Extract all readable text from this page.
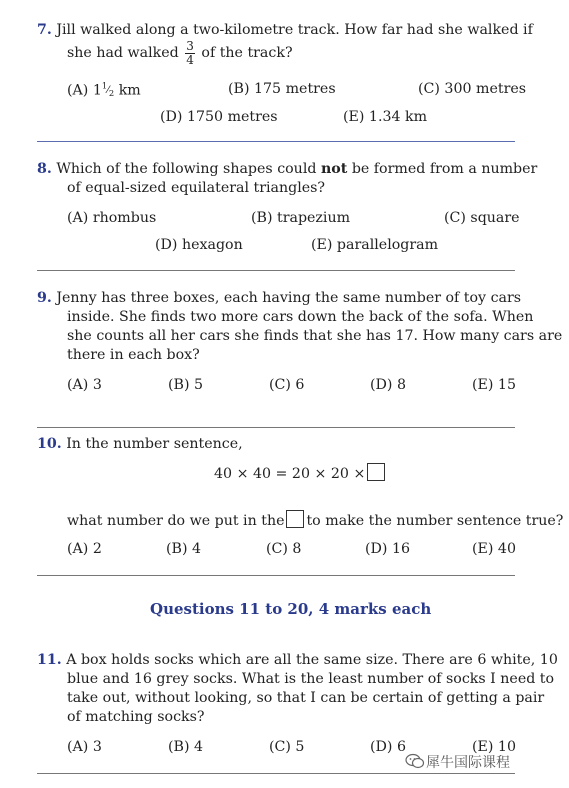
7. Jill walked along a two-kilometre track. How far had she walked if
she had walked $\frac{3}{4}$ of the track?
(A) $1^1⁄_2$ km	(B) 175 metres	(C) 300 metres
(D) 1750 metres	(E) 1.34 km
8. Which of the following shapes could not be formed from a number
of equal-sized equilateral triangles?
(A) rhombus	(B) trapezium	(C) square
(D) hexagon	(E) parallelogram
9. Jenny has three boxes, each having the same number of toy cars
inside. She finds two more cars down the back of the sofa. When
she counts all her cars she finds that she has 17. How many cars are
there in each box?
(A) 3	(B) 5	(C) 6	(D) 8	(E) 15
10. In the number sentence,
40 × 40 = 20 × 20 ×
what number do we put in the to make the number sentence true?
(A) 2	(B) 4	(C) 8	(D) 16	(E) 40
Questions 11 to 20, 4 marks each
11. A box holds socks which are all the same size. There are 6 white, 10
blue and 16 grey socks. What is the least number of socks I need to
take out, without looking, so that I can be certain of getting a pair
of matching socks?
(A) 3	(B) 4	(C) 5	(D) 6	(E) 10
犀牛国际课程
